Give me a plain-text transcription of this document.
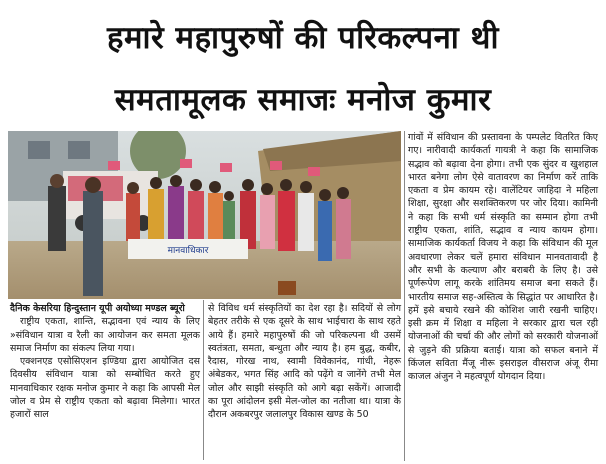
हमारे महापुरुषों की परिकल्पना थी
समतामूलक समाजः मनोज कुमार
मानवाधिकार

दैनिक केसरिया हिन्दुस्तान यूपी अयोध्या मण्डल ब्यूरो

राष्ट्रीय एकता, शान्ति, सद्भावना एवं न्याय के लिए »संविधान यात्रा व रैली का आयोजन कर समता मूलक समाज निर्माण का संकल्प लिया गया।

एक्शनएड एसोसिएशन इण्डिया द्वारा आयोजित दस दिवसीय संविधान यात्रा को सम्बोधित करते हुए मानवाधिकार रक्षक मनोज कुमार ने कहा कि आपसी मेल जोल व प्रेम से राष्ट्रीय एकता को बढ़ावा मिलेगा। भारत हजारों साल

से विविध धर्म संस्कृतियों का देश रहा है। सदियों से लोग बेहतर तरीके से एक दूसरे के साथ भाईचारा के साथ रहते आये हैं। हमारे महापुरुषों की जो परिकल्पना थी उसमें स्वतंत्रता, समता, बन्धुता और न्याय है। हम बुद्ध, कबीर, रैदास, गोरख नाथ, स्वामी विवेकानंद, गांधी, नेहरू अंबेडकर, भगत सिंह आदि को पढ़ेंगे व जानेंगे तभी मेल जोल और साझी संस्कृति को आगे बढ़ा सकेंगें। आजादी का पूरा आंदोलन इसी मेल-जोल का नतीजा था। यात्रा के दौरान अकबरपुर जलालपुर विकास खण्ड के 50

गांवों में संविधान की प्रस्तावना के पम्पलेट वितरित किए गए। नारीवादी कार्यकर्ता गायत्री ने कहा कि सामाजिक सद्भाव को बढ़ावा देना होगा। तभी एक सुंदर व खुशहाल भारत बनेगा लोग ऐसे वातावरण का निर्माण करें ताकि एकता व प्रेम कायम रहे। वालेंटियर जाहिदा ने महिला शिक्षा, सुरक्षा और सशक्तिकरण पर जोर दिया। कामिनी ने कहा कि सभी धर्म संस्कृति का सम्मान होगा तभी राष्ट्रीय एकता, शांति, सद्भाव व न्याय कायम होगा। सामाजिक कार्यकर्ता विजय ने कहा कि संविधान की मूल अवधारणा लेकर चलें हमारा संविधान मानवतावादी है और सभी के कल्याण और बराबरी के लिए है। उसे पूर्णरूपेण लागू करके शांतिमय समाज बना सकते हैं। भारतीय समाज सह-अस्तित्व के सिद्धांत पर आधारित है। हमें इसे बचाये रखने की कोशिश जारी रखनी चाहिए। इसी क्रम में शिक्षा व महिला ने सरकार द्वारा चल रही योजनाओं की चर्चा की और लोगों को सरकारी योजनाओं से जुड़ने की प्रक्रिया बताई। यात्रा को सफल बनाने में किंजल सविता मैंजू नीरू इसराइल वीसराज अंजू रीमा काजल अंजुन ने महत्वपूर्ण योगदान दिया।
